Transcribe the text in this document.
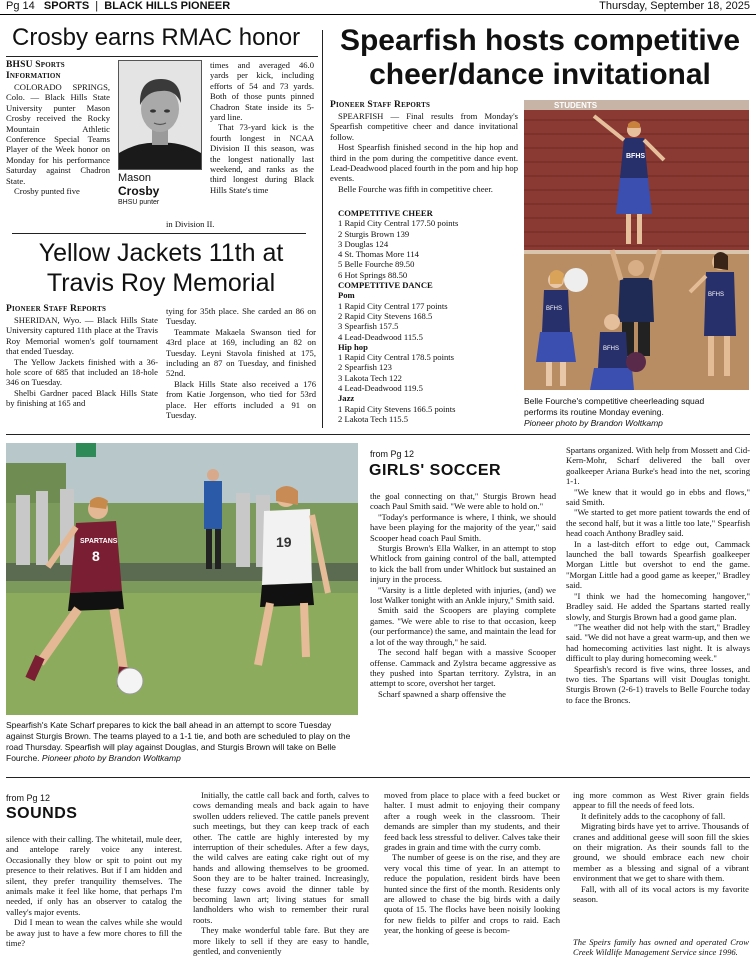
Pg 14 SPORTS | BLACK HILLS PIONEER	Thursday, September 18, 2025
Crosby earns RMAC honor
BHSU Sports
Information

COLORADO SPRINGS, Colo. — Black Hills State University punter Mason Crosby received the Rocky Mountain Athletic Conference Special Teams Player of the Week honor on Monday for his performance Saturday against Chadron State.

Crosby punted five

Mason
Crosby
BHSU punter

times and averaged 46.0 yards per kick, including efforts of 54 and 73 yards. Both of those punts pinned Chadron State inside its 5-yard line.

That 73-yard kick is the fourth longest in NCAA Division II this season, was the longest nationally last weekend, and ranks as the third longest during Black Hills State's time

in Division II.
Yellow Jackets 11th at
Travis Roy Memorial
Pioneer Staff Reports

SHERIDAN, Wyo. — Black Hills State University captured 11th place at the Travis Roy Memorial women's golf tournament that ended Tuesday.

The Yellow Jackets finished with a 36-hole score of 685 that included an 18-hole 346 on Tuesday.

Shelbi Gardner paced Black Hills State by finishing at 165 and

tying for 35th place. She carded an 86 on Tuesday.

Teammate Makaela Swanson tied for 43rd place at 169, including an 82 on Tuesday. Leyni Stavola finished at 175, including an 87 on Tuesday, and finished 52nd.

Black Hills State also received a 176 from Katie Jorgenson, who tied for 53rd place. Her efforts included a 91 on Tuesday.

Spearfish hosts competitive
cheer/dance invitational
Pioneer Staff Reports

SPEARFISH — Final results from Monday's Spearfish competitive cheer and dance invitational follow.

Host Spearfish finished second in the hip hop and third in the pom during the competitive dance event. Lead-Deadwood placed fourth in the pom and hip hop events.

Belle Fourche was fifth in competitive cheer.

COMPETITIVE CHEER
1 Rapid City Central 177.50 points
2 Sturgis Brown 139
3 Douglas 124
4 St. Thomas More 114
5 Belle Fourche 89.50
6 Hot Springs 88.50
COMPETITIVE DANCE
Pom
1 Rapid City Central 177 points
2 Rapid City Stevens 168.5
3 Spearfish 157.5
4 Lead-Deadwood 115.5
Hip hop
1 Rapid City Central 178.5 points
2 Spearfish 123
3 Lakota Tech 122
4 Lead-Deadwood 119.5
Jazz
1 Rapid City Stevens 166.5 points
2 Lakota Tech 115.5
STUDENTS
BFHS
BFHS
BFHS
BFHS
Belle Fourche's competitive cheerleading squad
performs its routine Monday evening.
Pioneer photo by Brandon Woltkamp
SPARTANS
8
19
Spearfish's Kate Scharf prepares to kick the ball ahead in an attempt to score Tuesday against Sturgis Brown. The teams played to a 1-1 tie, and both are scheduled to play on the road Thursday. Spearfish will play against Douglas, and Sturgis Brown will take on Belle Fourche. Pioneer photo by Brandon Woltkamp
from Pg 12
GIRLS' SOCCER

the goal connecting on that," Sturgis Brown head coach Paul Smith said. "We were able to hold on."

"Today's performance is where, I think, we should have been playing for the majority of the year," said Scooper head coach Paul Smith.

Sturgis Brown's Ella Walker, in an attempt to stop Whitlock from gaining control of the ball, attempted to kick the ball from under Whitlock but sustained an injury in the process.

"Varsity is a little depleted with injuries, (and) we lost Walker tonight with an Ankle injury," Smith said.

Smith said the Scoopers are playing complete games. "We were able to rise to that occasion, keep (our performance) the same, and maintain the lead for a lot of the way through," he said.

The second half began with a massive Scooper offense. Cammack and Zylstra became aggressive as they pushed into Spartan territory. Zylstra, in an attempt to score, overshot her target.

Scharf spawned a sharp offensive the

Spartans organized. With help from Mossett and Cid-Kern-Mohr, Scharf delivered the ball over goalkeeper Ariana Burke's head into the net, scoring 1-1.

"We knew that it would go in ebbs and flows," said Smith.

"We started to get more patient towards the end of the second half, but it was a little too late," Spearfish head coach Anthony Bradley said.

In a last-ditch effort to edge out, Cammack launched the ball towards Spearfish goalkeeper Morgan Little but overshot to end the game. "Morgan Little had a good game as keeper," Bradley said.

"I think we had the homecoming hangover," Bradley said. He added the Spartans started really slowly, and Sturgis Brown had a good game plan.

"The weather did not help with the start," Bradley said. "We did not have a great warm-up, and then we had homecoming activities last night. It is always difficult to play during homecoming week."

Spearfish's record is five wins, three losses, and two ties. The Spartans will visit Douglas tonight. Sturgis Brown (2-6-1) travels to Belle Fourche today to face the Broncs.

from Pg 12
SOUNDS

silence with their calling. The whitetail, mule deer, and antelope rarely voice any interest. Occasionally they blow or spit to point out my presence to their relatives. But if I am hidden and silent, they prefer tranquility themselves. The animals make it feel like home, that perhaps I'm needed, if only has an observer to catalog the valley's major events.

Did I mean to wean the calves while she would be away just to have a few more chores to fill the time?

Initially, the cattle call back and forth, calves to cows demanding meals and back again to have swollen udders relieved. The cattle panels prevent such meetings, but they can keep track of each other. The cattle are highly interested by my interruption of their schedules. After a few days, the wild calves are eating cake right out of my hands and allowing themselves to be groomed. Soon they are to be halter trained. Increasingly, these fuzzy cows avoid the dinner table by becoming lawn art; living statues for small landholders who wish to remember their rural roots.

They make wonderful table fare. But they are more likely to sell if they are easy to handle, gentled, and conveniently

moved from place to place with a feed bucket or halter. I must admit to enjoying their company after a rough week in the classroom. Their demands are simpler than my students, and their feed back less stressful to deliver. Calves take their grades in grain and time with the curry comb.

The number of geese is on the rise, and they are very vocal this time of year. In an attempt to reduce the population, resident birds have been hunted since the first of the month. Residents only are allowed to chase the big birds with a daily quota of 15. The flocks have been noisily looking for new fields to pilfer and crops to raid. Each year, the honking of geese is becom-

ing more common as West River grain fields appear to fill the needs of feed lots.

It definitely adds to the cacophony of fall.

Migrating birds have yet to arrive. Thousands of cranes and additional geese will soon fill the skies on their migration. As their sounds fall to the ground, we should embrace each new choir member as a blessing and signal of a vibrant environment that we get to share with them.

Fall, with all of its vocal actors is my favorite season.

The Speirs family has owned and operated Crow Creek Wildlife Management Service since 1996.
